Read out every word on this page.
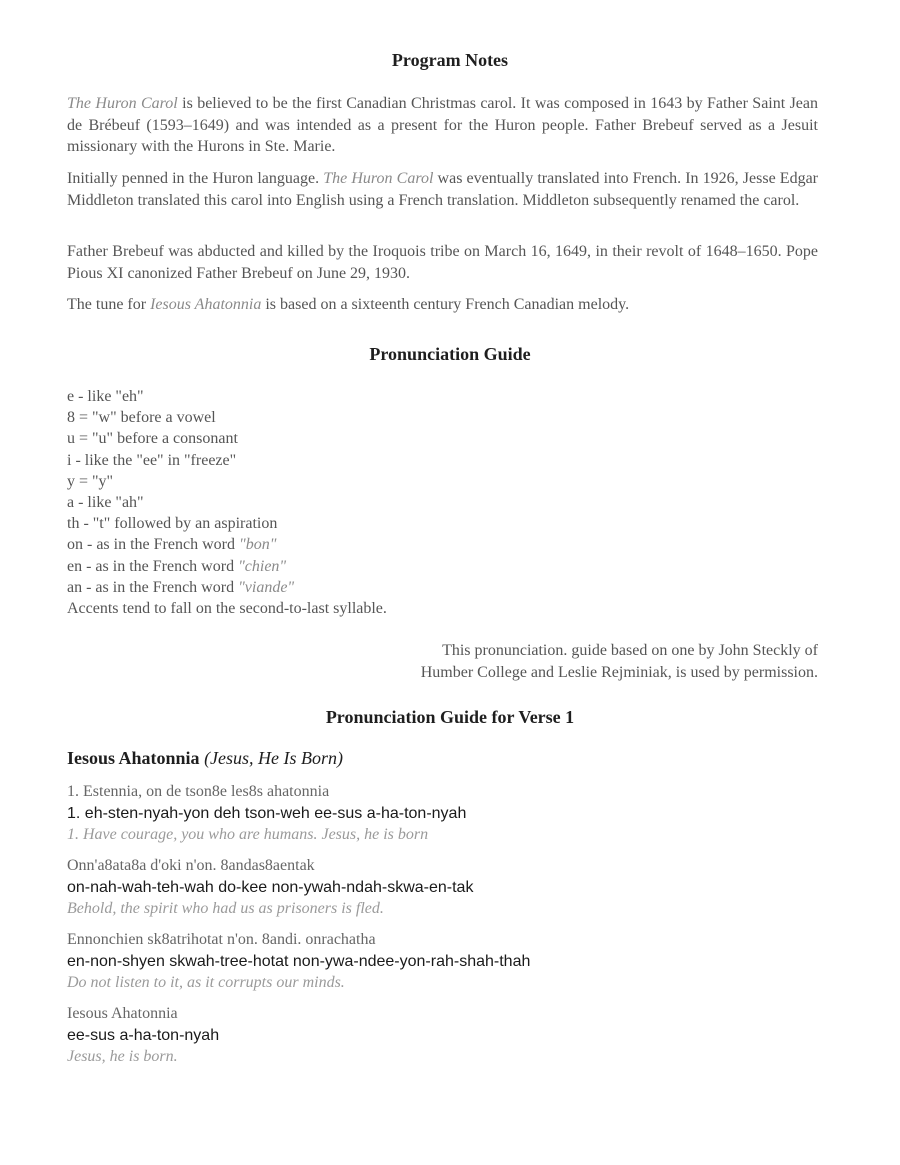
Program Notes

The Huron Carol is believed to be the first Canadian Christmas carol. It was composed in 1643 by Father Saint Jean de Brébeuf (1593–1649) and was intended as a present for the Huron people. Father Brebeuf served as a Jesuit missionary with the Hurons in Ste. Marie.

Initially penned in the Huron language. The Huron Carol was eventually translated into French. In 1926, Jesse Edgar Middleton translated this carol into English using a French translation. Middleton subsequently renamed the carol.

Father Brebeuf was abducted and killed by the Iroquois tribe on March 16, 1649, in their revolt of 1648–1650. Pope Pious XI canonized Father Brebeuf on June 29, 1930.

The tune for Iesous Ahatonnia is based on a sixteenth century French Canadian melody.

Pronunciation Guide
e - like "eh"
8 = "w" before a vowel
u = "u" before a consonant
i - like the "ee" in "freeze"
y = "y"
a - like "ah"
th - "t" followed by an aspiration
on - as in the French word "bon"
en - as in the French word "chien"
an - as in the French word "viande"
Accents tend to fall on the second-to-last syllable.
This pronunciation. guide based on one by John Steckly of
Humber College and Leslie Rejminiak, is used by permission.
Pronunciation Guide for Verse 1
Iesous Ahatonnia (Jesus, He Is Born)
1. Estennia, on de tson8e les8s ahatonnia
1. eh-sten-nyah-yon deh tson-weh ee-sus a-ha-ton-nyah
1. Have courage, you who are humans. Jesus, he is born
Onn'a8ata8a d'oki n'on. 8andas8aentak
on-nah-wah-teh-wah do-kee non-ywah-ndah-skwa-en-tak
Behold, the spirit who had us as prisoners is fled.
Ennonchien sk8atrihotat n'on. 8andi. onrachatha
en-non-shyen skwah-tree-hotat non-ywa-ndee-yon-rah-shah-thah
Do not listen to it, as it corrupts our minds.
Iesous Ahatonnia
ee-sus a-ha-ton-nyah
Jesus, he is born.
